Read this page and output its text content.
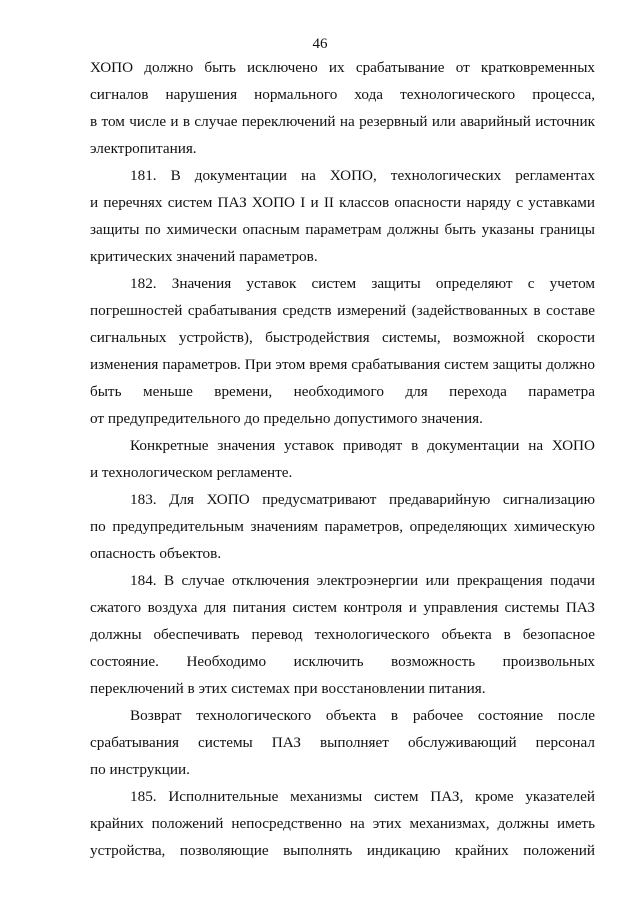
46
ХОПО должно быть исключено их срабатывание от кратковременных
сигналов нарушения нормального хода технологического процесса,
в том числе и в случае переключений на резервный или аварийный источник
электропитания.
181. В документации на ХОПО, технологических регламентах
и перечнях систем ПАЗ ХОПО I и II классов опасности наряду с уставками
защиты по химически опасным параметрам должны быть указаны границы
критических значений параметров.
182. Значения уставок систем защиты определяют с учетом
погрешностей срабатывания средств измерений (задействованных в составе
сигнальных устройств), быстродействия системы, возможной скорости
изменения параметров. При этом время срабатывания систем защиты должно
быть меньше времени, необходимого для перехода параметра
от предупредительного до предельно допустимого значения.
Конкретные значения уставок приводят в документации на ХОПО
и технологическом регламенте.
183. Для ХОПО предусматривают предаварийную сигнализацию
по предупредительным значениям параметров, определяющих химическую
опасность объектов.
184. В случае отключения электроэнергии или прекращения подачи
сжатого воздуха для питания систем контроля и управления системы ПАЗ
должны обеспечивать перевод технологического объекта в безопасное
состояние. Необходимо исключить возможность произвольных
переключений в этих системах при восстановлении питания.
Возврат технологического объекта в рабочее состояние после
срабатывания системы ПАЗ выполняет обслуживающий персонал
по инструкции.
185. Исполнительные механизмы систем ПАЗ, кроме указателей
крайних положений непосредственно на этих механизмах, должны иметь
устройства, позволяющие выполнять индикацию крайних положений
